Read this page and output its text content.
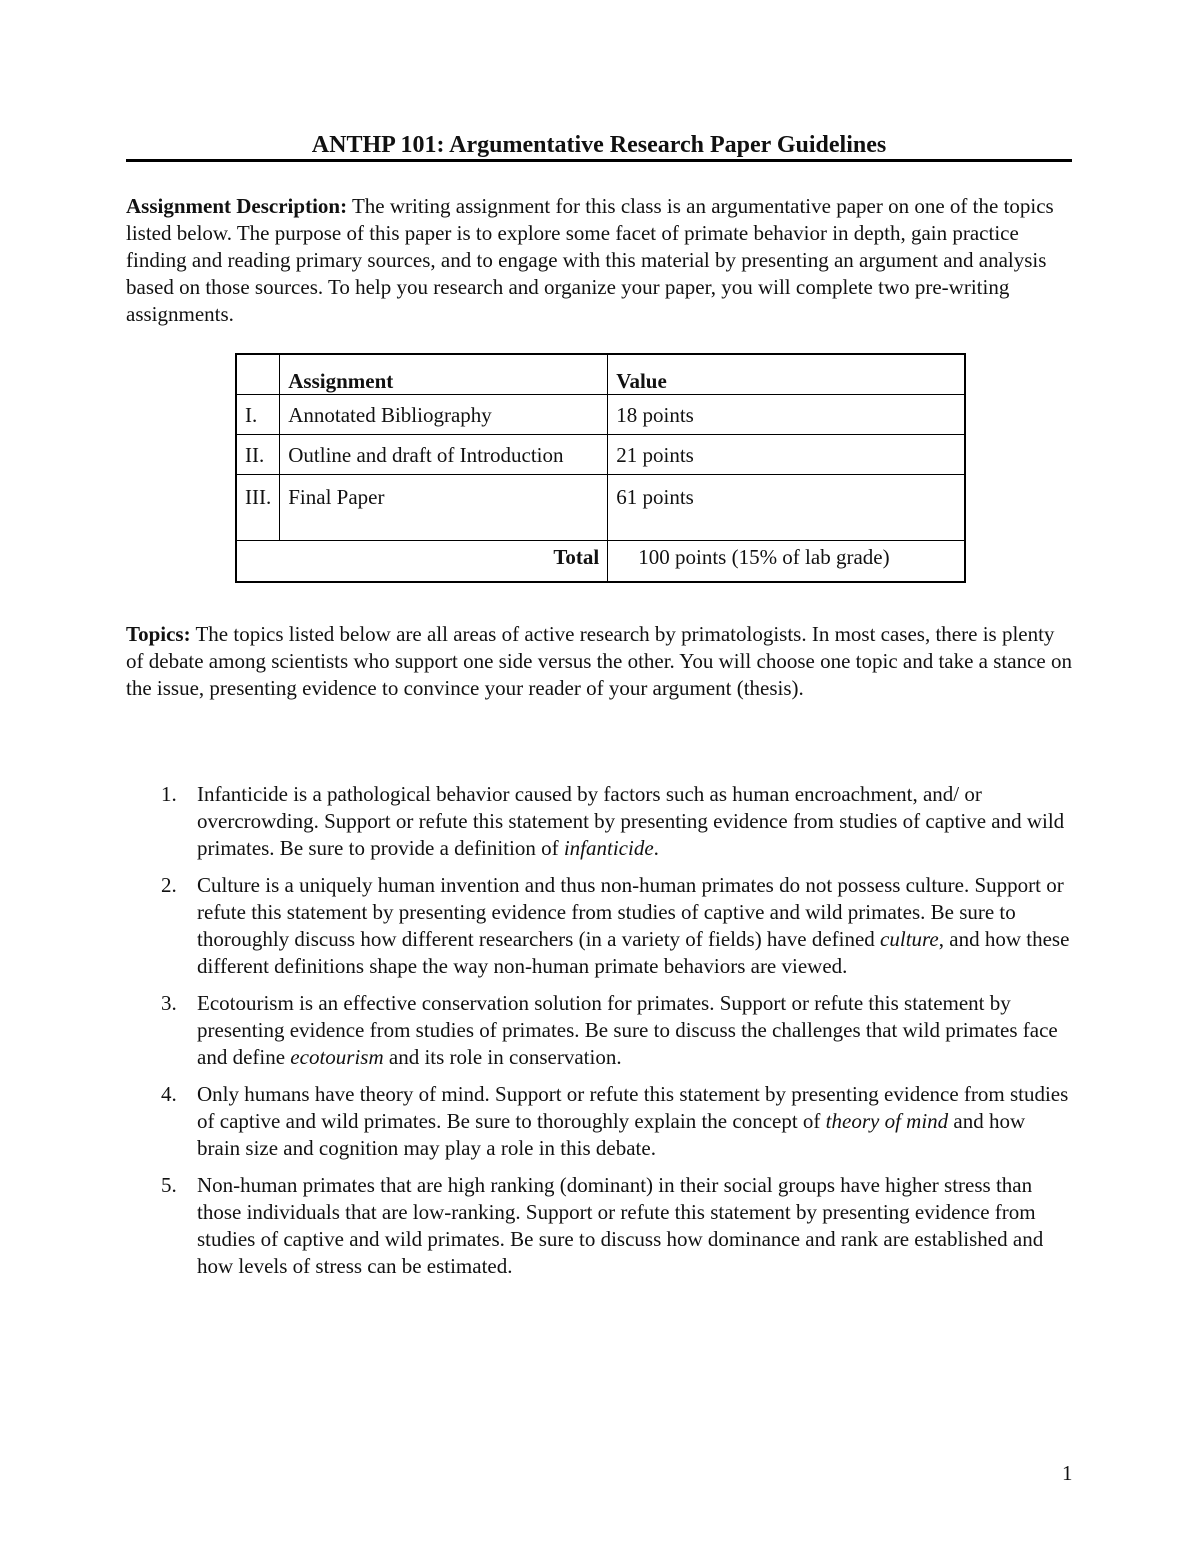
ANTHP 101: Argumentative Research Paper Guidelines

Assignment Description: The writing assignment for this class is an argumentative paper on one of the topics listed below. The purpose of this paper is to explore some facet of primate behavior in depth, gain practice finding and reading primary sources, and to engage with this material by presenting an argument and analysis based on those sources. To help you research and organize your paper, you will complete two pre-writing assignments.

	Assignment	Value
I.	Annotated Bibliography	18 points
II.	Outline and draft of Introduction	21 points
III.	Final Paper	61 points
Total		100 points (15% of lab grade)

Topics: The topics listed below are all areas of active research by primatologists. In most cases, there is plenty of debate among scientists who support one side versus the other. You will choose one topic and take a stance on the issue, presenting evidence to convince your reader of your argument (thesis).

1. Infanticide is a pathological behavior caused by factors such as human encroachment, and/ or overcrowding. Support or refute this statement by presenting evidence from studies of captive and wild primates. Be sure to provide a definition of infanticide.
2. Culture is a uniquely human invention and thus non-human primates do not possess culture. Support or refute this statement by presenting evidence from studies of captive and wild primates. Be sure to thoroughly discuss how different researchers (in a variety of fields) have defined culture, and how these different definitions shape the way non-human primate behaviors are viewed.
3. Ecotourism is an effective conservation solution for primates. Support or refute this statement by presenting evidence from studies of primates. Be sure to discuss the challenges that wild primates face and define ecotourism and its role in conservation.
4. Only humans have theory of mind. Support or refute this statement by presenting evidence from studies of captive and wild primates. Be sure to thoroughly explain the concept of theory of mind and how brain size and cognition may play a role in this debate.
5. Non-human primates that are high ranking (dominant) in their social groups have higher stress than those individuals that are low-ranking. Support or refute this statement by presenting evidence from studies of captive and wild primates. Be sure to discuss how dominance and rank are established and how levels of stress can be estimated.
1
